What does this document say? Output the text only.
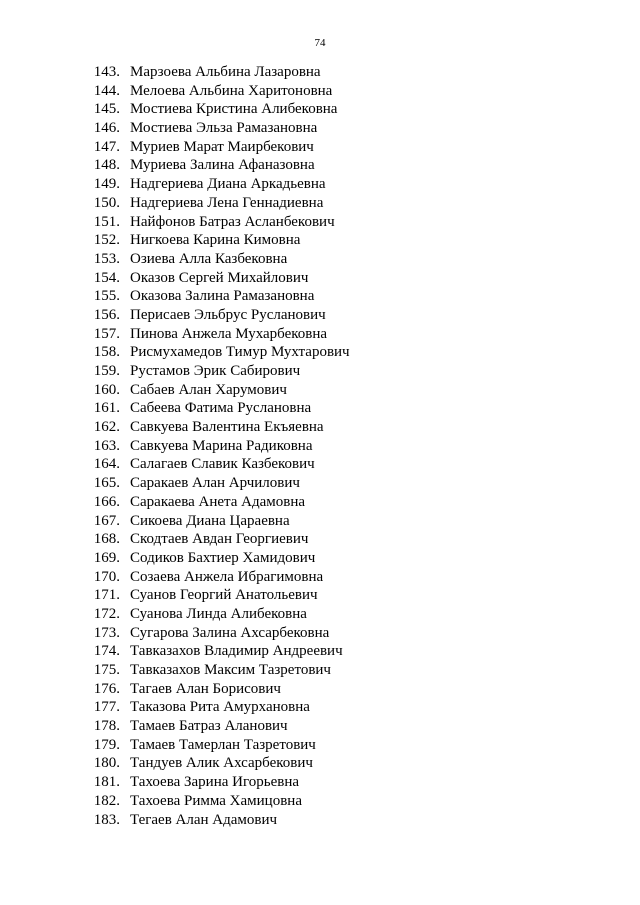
74
143. Марзоева Альбина Лазаровна
144. Мелоева Альбина Харитоновна
145. Мостиева Кристина Алибековна
146. Мостиева Эльза Рамазановна
147. Муриев Марат Маирбекович
148. Муриева Залина Афаназовна
149. Надгериева Диана Аркадьевна
150. Надгериева Лена Геннадиевна
151. Найфонов Батраз Асланбекович
152. Нигкоева Карина Кимовна
153. Озиева Алла Казбековна
154. Оказов Сергей Михайлович
155. Оказова Залина Рамазановна
156. Перисаев Эльбрус Русланович
157. Пинова Анжела Мухарбековна
158. Рисмухамедов Тимур Мухтарович
159. Рустамов Эрик Сабирович
160. Сабаев Алан Харумович
161. Сабеева Фатима Руслановна
162. Савкуева Валентина Екъяевна
163. Савкуева Марина Радиковна
164. Салагаев Славик Казбекович
165. Саракаев Алан Арчилович
166. Саракаева Анета Адамовна
167. Сикоева Диана Цараевна
168. Скодтаев Авдан Георгиевич
169. Содиков Бахтиер Хамидович
170. Созаева Анжела Ибрагимовна
171. Суанов Георгий Анатольевич
172. Суанова Линда Алибековна
173. Сугарова Залина Ахсарбековна
174. Тавказахов Владимир Андреевич
175. Тавказахов Максим Тазретович
176. Тагаев Алан Борисович
177. Таказова Рита Амурхановна
178. Тамаев Батраз Аланович
179. Тамаев Тамерлан Тазретович
180. Тандуев Алик Ахсарбекович
181. Тахоева Зарина Игорьевна
182. Тахоева Римма Хамицовна
183. Тегаев Алан Адамович
